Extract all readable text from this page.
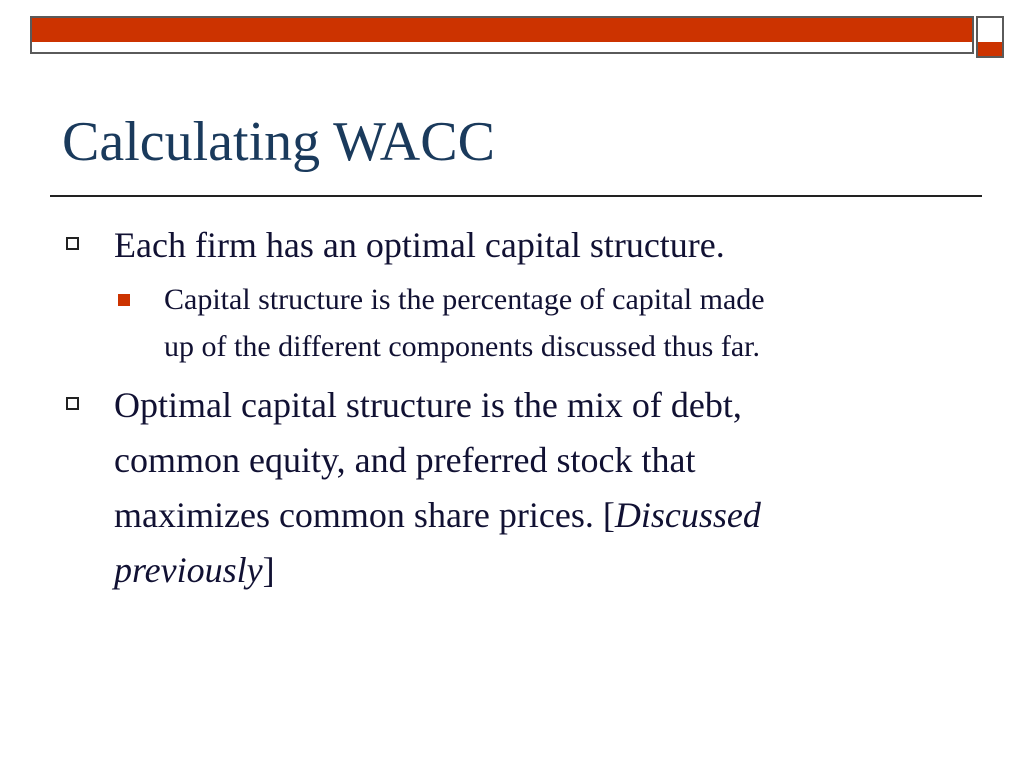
Calculating WACC
Each firm has an optimal capital structure.
Capital structure is the percentage of capital made
up of the different components discussed thus far.
Optimal capital structure is the mix of debt,
common equity, and preferred stock that
maximizes common share prices. [Discussed
previously]
